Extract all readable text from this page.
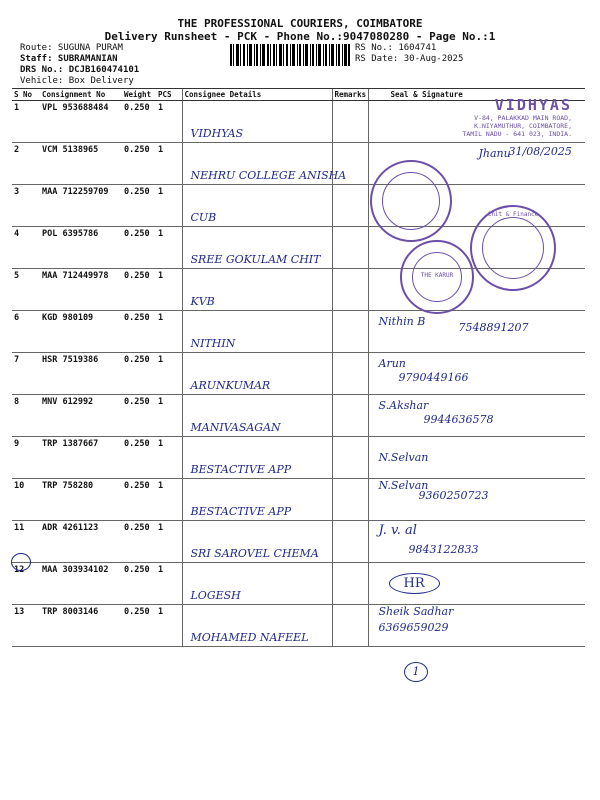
THE PROFESSIONAL COURIERS, COIMBATORE
Delivery Runsheet - PCK - Phone No.:9047080280 - Page No.:1
Route: SUGUNA PURAM
Staff: SUBRAMANIAN
DRS No.: DCJB160474101
Vehicle: Box Delivery
RS No.: 1604741
RS Date: 30-Aug-2025
S No	Consignment No	Weight	PCS	Consignee Details	Remarks	Seal & Signature
1	VPL 953688484	0.250	1	VIDHYAS		

2	VCM 5138965	0.250	1	NEHRU COLLEGE ANISHA		Jhanu
31/08/2025

3	MAA 712259709	0.250	1	CUB		

4	POL 6395786	0.250	1	SREE GOKULAM CHIT		

5	MAA 712449978	0.250	1	KVB		

6	KGD 980109	0.250	1	NITHIN		Nithin B 7548891207

7	HSR 7519386	0.250	1	ARUNKUMAR		Arun
9790449166

8	MNV 612992	0.250	1	MANIVASAGAN		S.Akshar
9944636578

9	TRP 1387667	0.250	1	BESTACTIVE APP		N.Selvan

10	TRP 758280	0.250	1	BESTACTIVE APP		N.Selvan
9360250723

11	ADR 4261123	0.250	1	SRI SAROVEL CHEMA		J. v. al
9843122833

12	MAA 303934102	0.250	1	LOGESH		HR

13	TRP 8003146	0.250	1	MOHAMED NAFEEL		Sheik Sadhar
6369659029
VIDHYAS
V-84, PALAKKAD MAIN ROAD,
K.NIYAMUTHUR, COIMBATORE,
TAMIL NADU - 641 023, INDIA.
Chit & Finance
THE KARUR
1
